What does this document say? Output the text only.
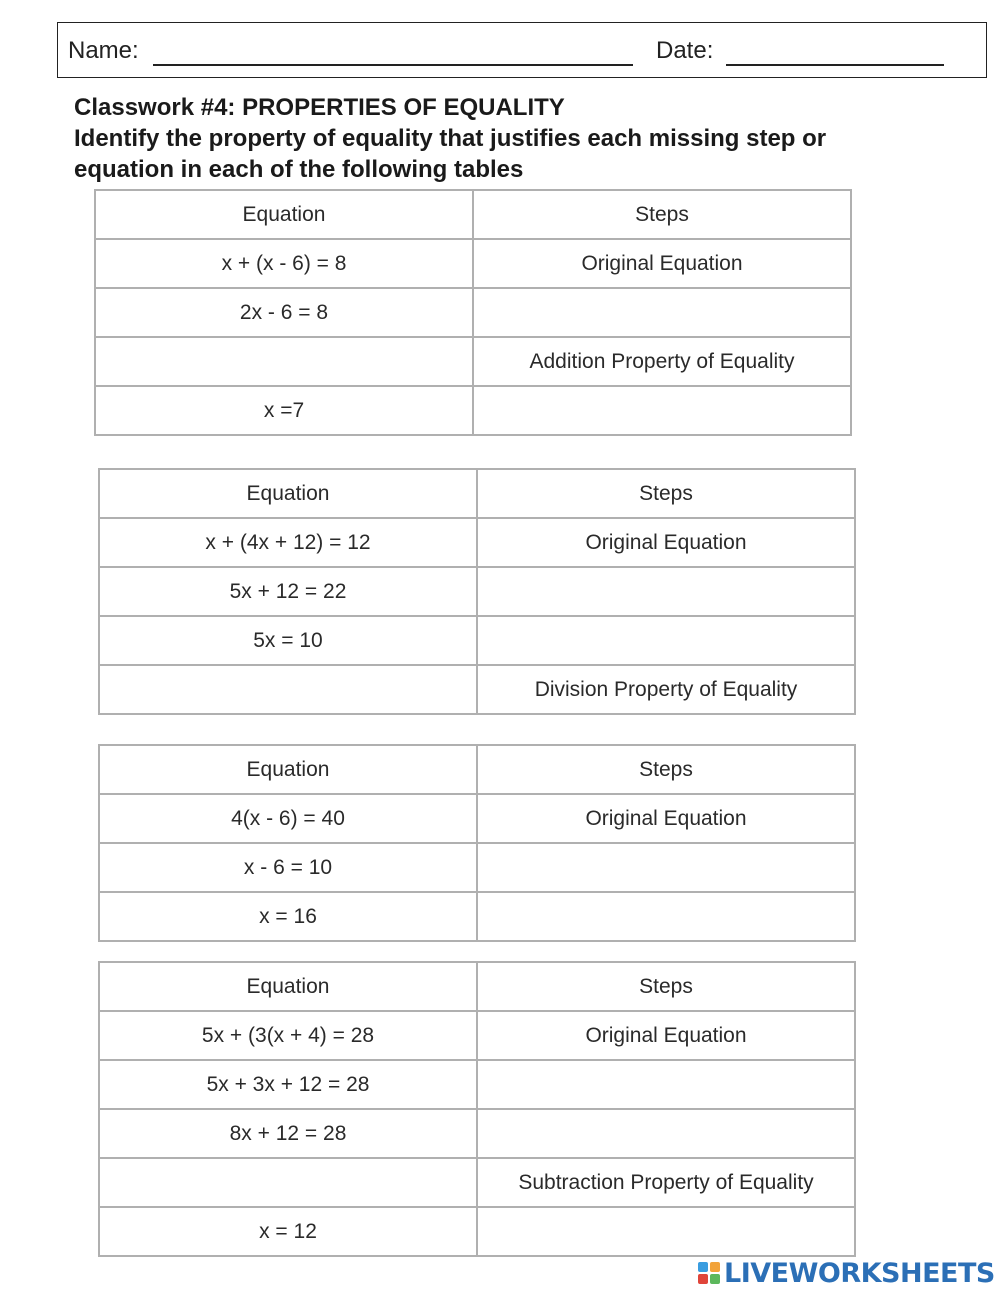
Name:	Date:
Classwork #4: PROPERTIES OF EQUALITY
Identify the property of equality that justifies each missing step or
equation in each of the following tables
Equation	Steps
x + (x - 6) = 8	Original Equation
2x - 6 = 8	
	Addition Property of Equality
x =7	
Equation	Steps
x + (4x + 12) = 12	Original Equation
5x + 12 = 22	
5x = 10	
	Division Property of Equality
Equation	Steps
4(x - 6) = 40	Original Equation
x - 6 = 10	
x = 16	
Equation	Steps
5x + (3(x + 4) = 28	Original Equation
5x + 3x + 12 = 28	
8x + 12 = 28	
	Subtraction Property of Equality
x = 12	
LIVEWORKSHEETS
